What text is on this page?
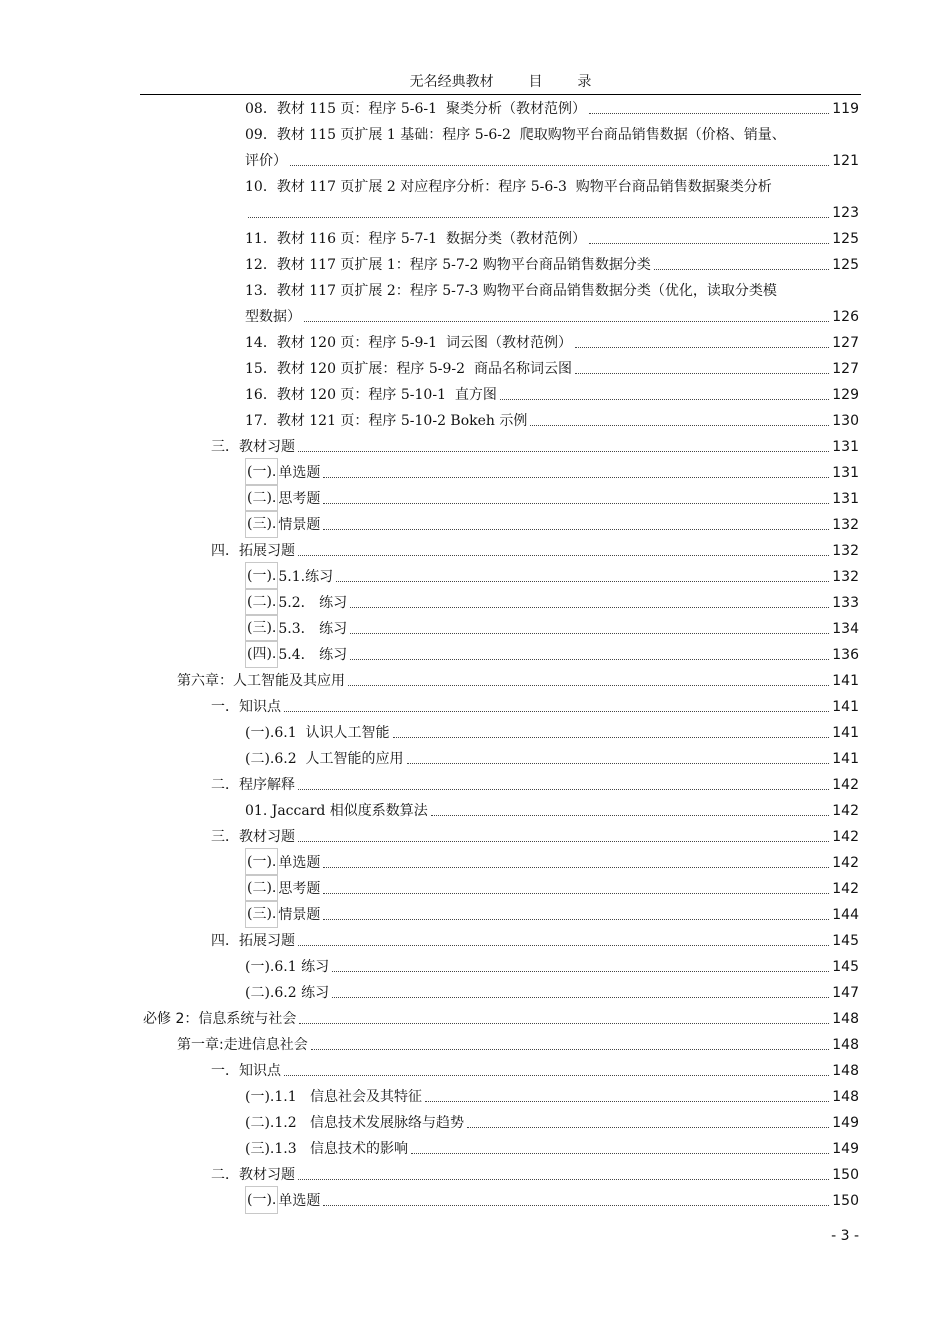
无名经典教材 目 录
08．教材 115 页：程序 5-6-1  聚类分析（教材范例）	119
09．教材 115 页扩展 1 基础：程序 5-6-2  爬取购物平台商品销售数据（价格、销量、
评价）	121
10．教材 117 页扩展 2 对应程序分析：程序 5-6-3  购物平台商品销售数据聚类分析
123
11．教材 116 页：程序 5-7-1  数据分类（教材范例）	125
12．教材 117 页扩展 1：程序 5-7-2 购物平台商品销售数据分类	125
13．教材 117 页扩展 2：程序 5-7-3 购物平台商品销售数据分类（优化，读取分类模
型数据）	126
14．教材 120 页：程序 5-9-1  词云图（教材范例）	127
15．教材 120 页扩展：程序 5-9-2  商品名称词云图	127
16．教材 120 页：程序 5-10-1  直方图	129
17．教材 121 页：程序 5-10-2 Bokeh 示例	130
三．教材习题	131
(一). 单选题	131
(二). 思考题	131
(三). 情景题	132
四．拓展习题	132
(一). 5.1.练习	132
(二). 5.2． 练习	133
(三). 5.3． 练习	134
(四). 5.4． 练习	136
第六章：人工智能及其应用	141
一．知识点	141
(一).6.1  认识人工智能	141
(二).6.2  人工智能的应用	141
二．程序解释	142
01. Jaccard 相似度系数算法	142
三．教材习题	142
(一). 单选题	142
(二). 思考题	142
(三). 情景题	144
四．拓展习题	145
(一).6.1 练习	145
(二).6.2 练习	147
必修 2：信息系统与社会	148
第一章:走进信息社会	148
一．知识点	148
(一).1.1   信息社会及其特征	148
(二).1.2   信息技术发展脉络与趋势	149
(三).1.3   信息技术的影响	149
二．教材习题	150
(一). 单选题	150
- 3 -
